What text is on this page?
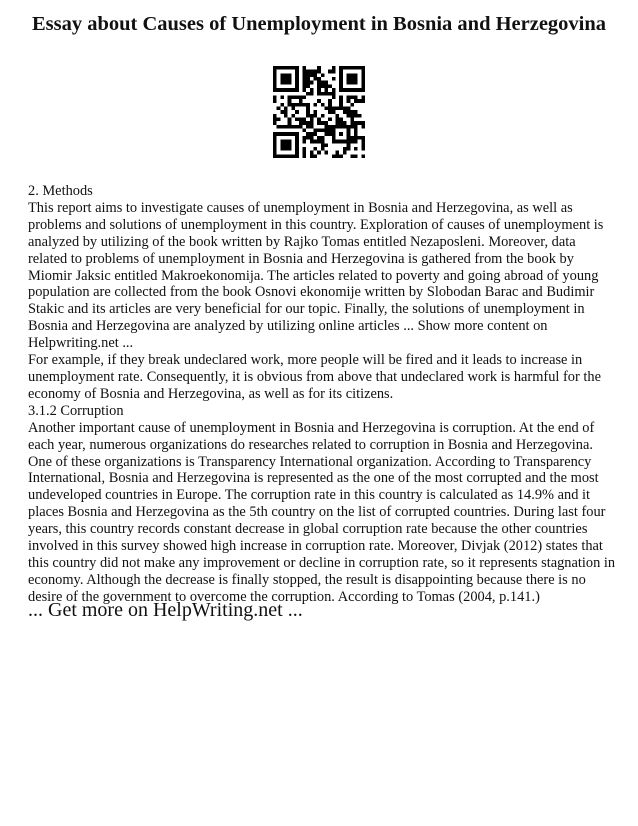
Essay about Causes of Unemployment in Bosnia and Herzegovina

2. Methods

This report aims to investigate causes of unemployment in Bosnia and Herzegovina, as well as problems and solutions of unemployment in this country. Exploration of causes of unemployment is analyzed by utilizing of the book written by Rajko Tomas entitled Nezaposleni. Moreover, data related to problems of unemployment in Bosnia and Herzegovina is gathered from the book by Miomir Jaksic entitled Makroekonomija. The articles related to poverty and going abroad of young population are collected from the book Osnovi ekonomije written by Slobodan Barac and Budimir Stakic and its articles are very beneficial for our topic. Finally, the solutions of unemployment in Bosnia and Herzegovina are analyzed by utilizing online articles ... Show more content on Helpwriting.net ...

For example, if they break undeclared work, more people will be fired and it leads to increase in unemployment rate. Consequently, it is obvious from above that undeclared work is harmful for the economy of Bosnia and Herzegovina, as well as for its citizens.

3.1.2 Corruption

Another important cause of unemployment in Bosnia and Herzegovina is corruption. At the end of each year, numerous organizations do researches related to corruption in Bosnia and Herzegovina. One of these organizations is Transparency International organization. According to Transparency International, Bosnia and Herzegovina is represented as the one of the most corrupted and the most undeveloped countries in Europe. The corruption rate in this country is calculated as 14.9% and it places Bosnia and Herzegovina as the 5th country on the list of corrupted countries. During last four years, this country records constant decrease in global corruption rate because the other countries involved in this survey showed high increase in corruption rate. Moreover, Divjak (2012) states that this country did not make any improvement or decline in corruption rate, so it represents stagnation in economy. Although the decrease is finally stopped, the result is disappointing because there is no desire of the government to overcome the corruption. According to Tomas (2004, p.141.)

... Get more on HelpWriting.net ...
